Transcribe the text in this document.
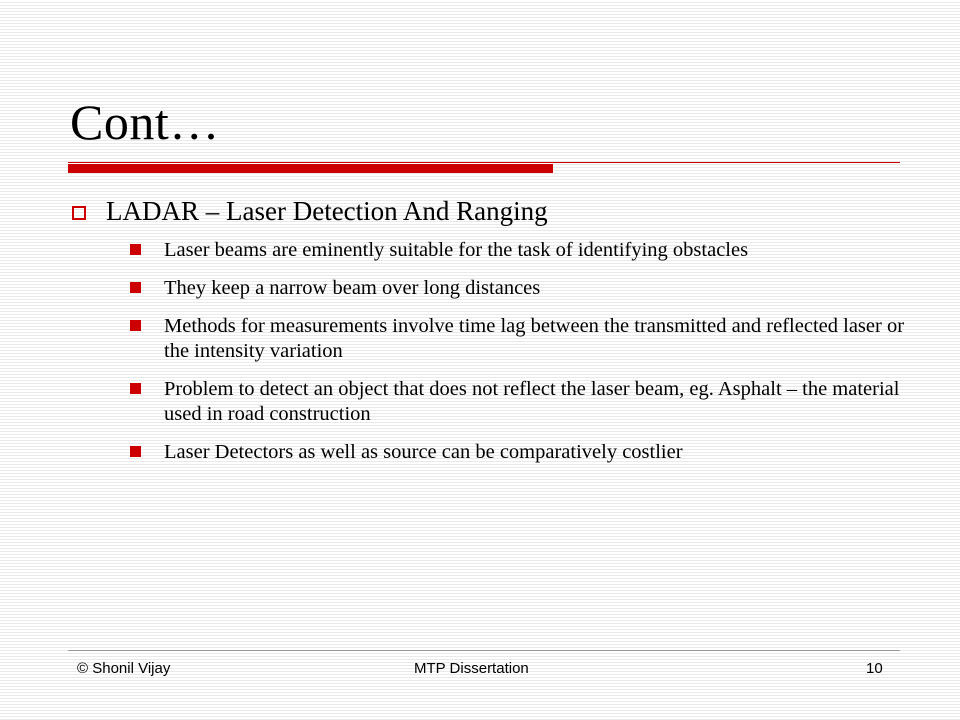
Cont…
LADAR – Laser Detection And Ranging
Laser beams are eminently suitable for the task of identifying obstacles
They keep a narrow beam over long distances
Methods for measurements involve time lag between the transmitted and reflected laser or the intensity variation
Problem to detect an object that does not reflect the laser beam, eg. Asphalt – the material used in road construction
Laser Detectors as well as source can be comparatively costlier
© Shonil Vijay	MTP Dissertation	10
